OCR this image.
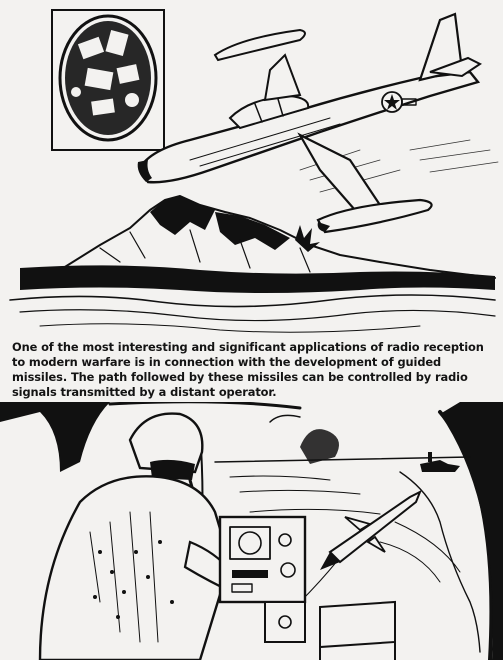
One of the most interesting and significant applications of radio reception to modern warfare is in connection with the development of guided missiles. The path followed by these missiles can be controlled by radio signals transmitted by a distant operator.
